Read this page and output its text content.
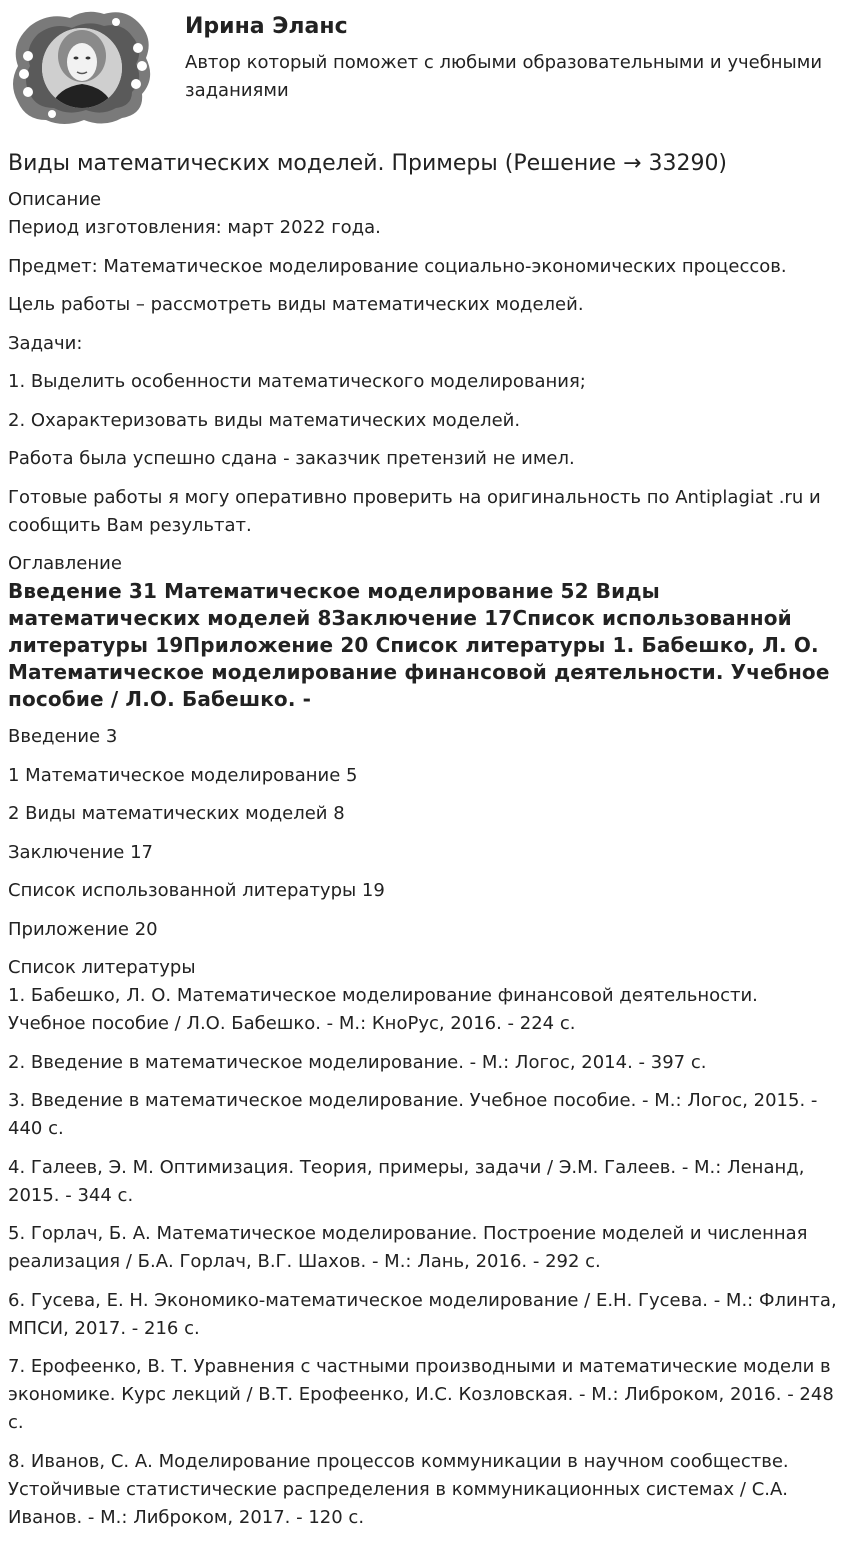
Ирина Эланс

Автор который поможет с любыми образовательными и учебными заданиями

Виды математических моделей. Примеры (Решение → 33290)
Описание

Период изготовления: март 2022 года.

Предмет: Математическое моделирование социально-экономических процессов.

Цель работы – рассмотреть виды математических моделей.

Задачи:

1. Выделить особенности математического моделирования;

2. Охарактеризовать виды математических моделей.

Работа была успешно сдана - заказчик претензий не имел.

Готовые работы я могу оперативно проверить на оригинальность по Antiplagiat .ru и сообщить Вам результат.

Оглавление
Введение 31 Математическое моделирование 52 Виды математических моделей 8Заключение 17Список использованной литературы 19Приложение 20 Список литературы 1. Бабешко, Л. О. Математическое моделирование финансовой деятельности. Учебное пособие / Л.О. Бабешко. -

Введение 3

1 Математическое моделирование 5

2 Виды математических моделей 8

Заключение 17

Список использованной литературы 19

Приложение 20

Список литературы

1. Бабешко, Л. О. Математическое моделирование финансовой деятельности. Учебное пособие / Л.О. Бабешко. - М.: КноРус, 2016. - 224 с.

2. Введение в математическое моделирование. - М.: Логос, 2014. - 397 с.

3. Введение в математическое моделирование. Учебное пособие. - М.: Логос, 2015. - 440 с.

4. Галеев, Э. М. Оптимизация. Теория, примеры, задачи / Э.М. Галеев. - М.: Ленанд, 2015. - 344 с.

5. Горлач, Б. А. Математическое моделирование. Построение моделей и численная реализация / Б.А. Горлач, В.Г. Шахов. - М.: Лань, 2016. - 292 с.

6. Гусева, Е. Н. Экономико-математическое моделирование / Е.Н. Гусева. - М.: Флинта, МПСИ, 2017. - 216 с.

7. Ерофеенко, В. Т. Уравнения с частными производными и математические модели в экономике. Курс лекций / В.Т. Ерофеенко, И.С. Козловская. - М.: Либроком, 2016. - 248 с.

8. Иванов, С. А. Моделирование процессов коммуникации в научном сообществе. Устойчивые статистические распределения в коммуникационных системах / С.А. Иванов. - М.: Либроком, 2017. - 120 с.
